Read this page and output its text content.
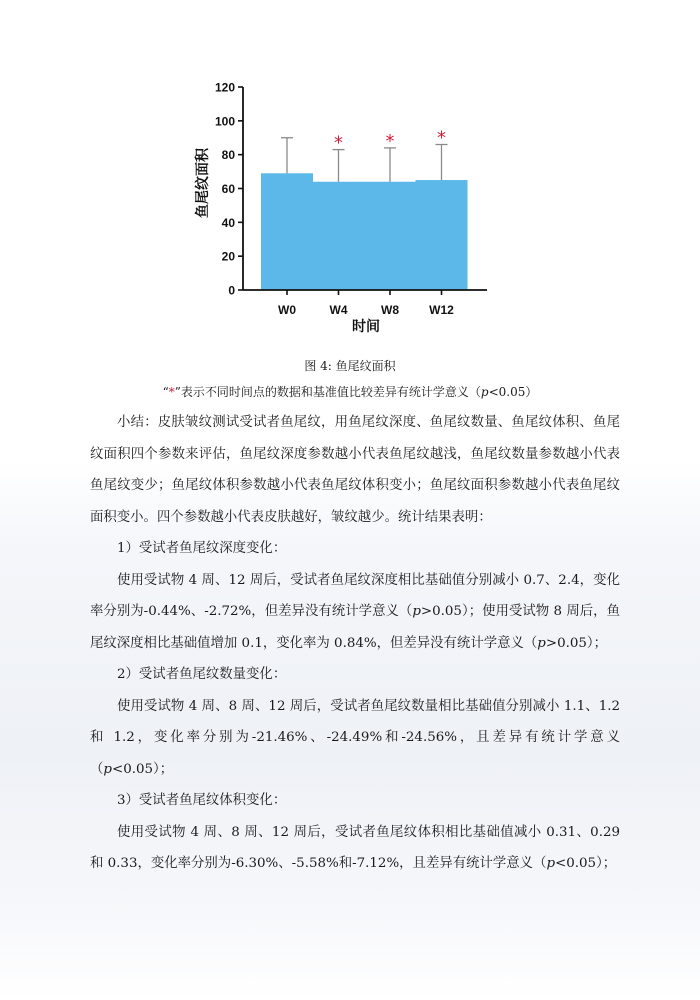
0
20
40
60
80
100
120
W0
*
W4
*
W8
*
W12
鱼尾纹面积
时间
图 4: 鱼尾纹面积
“*”表示不同时间点的数据和基准值比较差异有统计学意义（p<0.05）

小结：皮肤皱纹测试受试者鱼尾纹，用鱼尾纹深度、鱼尾纹数量、鱼尾纹体积、鱼尾纹面积四个参数来评估，鱼尾纹深度参数越小代表鱼尾纹越浅，鱼尾纹数量参数越小代表鱼尾纹变少；鱼尾纹体积参数越小代表鱼尾纹体积变小；鱼尾纹面积参数越小代表鱼尾纹面积变小。四个参数越小代表皮肤越好，皱纹越少。统计结果表明：

1）受试者鱼尾纹深度变化：

使用受试物 4 周、12 周后，受试者鱼尾纹深度相比基础值分别减小 0.7、2.4，变化率分别为-0.44%、-2.72%，但差异没有统计学意义（p>0.05）；使用受试物 8 周后，鱼尾纹深度相比基础值增加 0.1，变化率为 0.84%，但差异没有统计学意义（p>0.05）；

2）受试者鱼尾纹数量变化：

使用受试物 4 周、8 周、12 周后，受试者鱼尾纹数量相比基础值分别减小 1.1、1.2 和 1.2，变化率分别为-21.46%、-24.49%和-24.56%，且差异有统计学意义（p<0.05）；

3）受试者鱼尾纹体积变化：

使用受试物 4 周、8 周、12 周后，受试者鱼尾纹体积相比基础值减小 0.31、0.29 和 0.33，变化率分别为-6.30%、-5.58%和-7.12%，且差异有统计学意义（p<0.05）；
